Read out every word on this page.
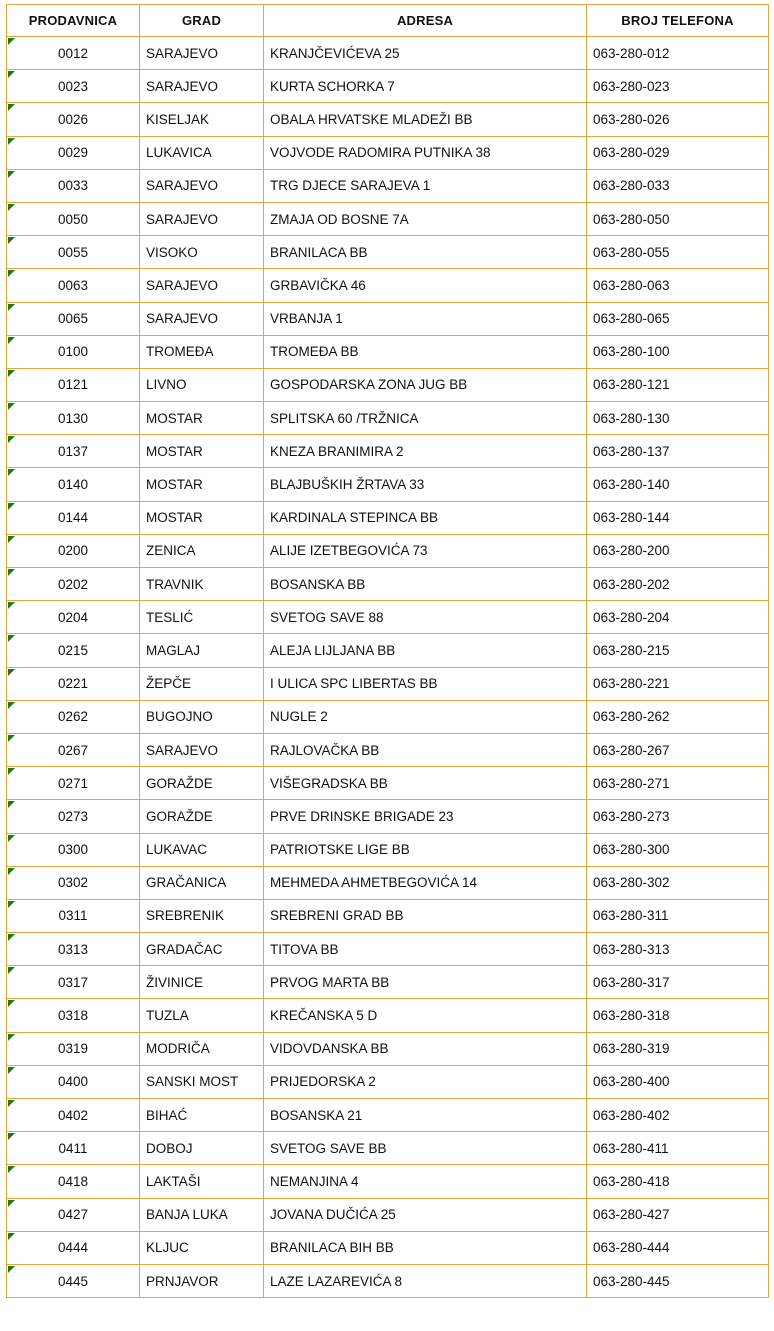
PRODAVNICA	GRAD	ADRESA	BROJ TELEFONA

0012	SARAJEVO	KRANJČEVIĆEVA 25	063-280-012

0023	SARAJEVO	KURTA SCHORKA 7	063-280-023

0026	KISELJAK	OBALA HRVATSKE MLADEŽI BB	063-280-026

0029	LUKAVICA	VOJVODE RADOMIRA PUTNIKA 38	063-280-029

0033	SARAJEVO	TRG DJECE SARAJEVA 1	063-280-033

0050	SARAJEVO	ZMAJA OD BOSNE 7A	063-280-050

0055	VISOKO	BRANILACA BB	063-280-055

0063	SARAJEVO	GRBAVIČKA 46	063-280-063

0065	SARAJEVO	VRBANJA 1	063-280-065

0100	TROMEĐA	TROMEĐA BB	063-280-100

0121	LIVNO	GOSPODARSKA ZONA JUG BB	063-280-121

0130	MOSTAR	SPLITSKA 60 /TRŽNICA	063-280-130

0137	MOSTAR	KNEZA BRANIMIRA 2	063-280-137

0140	MOSTAR	BLAJBUŠKIH ŽRTAVA 33	063-280-140

0144	MOSTAR	KARDINALA STEPINCA BB	063-280-144

0200	ZENICA	ALIJE IZETBEGOVIĆA 73	063-280-200

0202	TRAVNIK	BOSANSKA BB	063-280-202

0204	TESLIĆ	SVETOG SAVE 88	063-280-204

0215	MAGLAJ	ALEJA LIJLJANA BB	063-280-215

0221	ŽEPČE	I ULICA SPC LIBERTAS BB	063-280-221

0262	BUGOJNO	NUGLE 2	063-280-262

0267	SARAJEVO	RAJLOVAČKA BB	063-280-267

0271	GORAŽDE	VIŠEGRADSKA BB	063-280-271

0273	GORAŽDE	PRVE DRINSKE BRIGADE 23	063-280-273

0300	LUKAVAC	PATRIOTSKE LIGE BB	063-280-300

0302	GRAČANICA	MEHMEDA AHMETBEGOVIĆA 14	063-280-302

0311	SREBRENIK	SREBRENI GRAD BB	063-280-311

0313	GRADAČAC	TITOVA BB	063-280-313

0317	ŽIVINICE	PRVOG MARTA BB	063-280-317

0318	TUZLA	KREČANSKA 5 D	063-280-318

0319	MODRIČA	VIDOVDANSKA BB	063-280-319

0400	SANSKI MOST	PRIJEDORSKA 2	063-280-400

0402	BIHAĆ	BOSANSKA 21	063-280-402

0411	DOBOJ	SVETOG SAVE BB	063-280-411

0418	LAKTAŠI	NEMANJINA 4	063-280-418

0427	BANJA LUKA	JOVANA DUČIĆA 25	063-280-427

0444	KLJUC	BRANILACA BIH BB	063-280-444

0445	PRNJAVOR	LAZE LAZAREVIĆA 8	063-280-445
